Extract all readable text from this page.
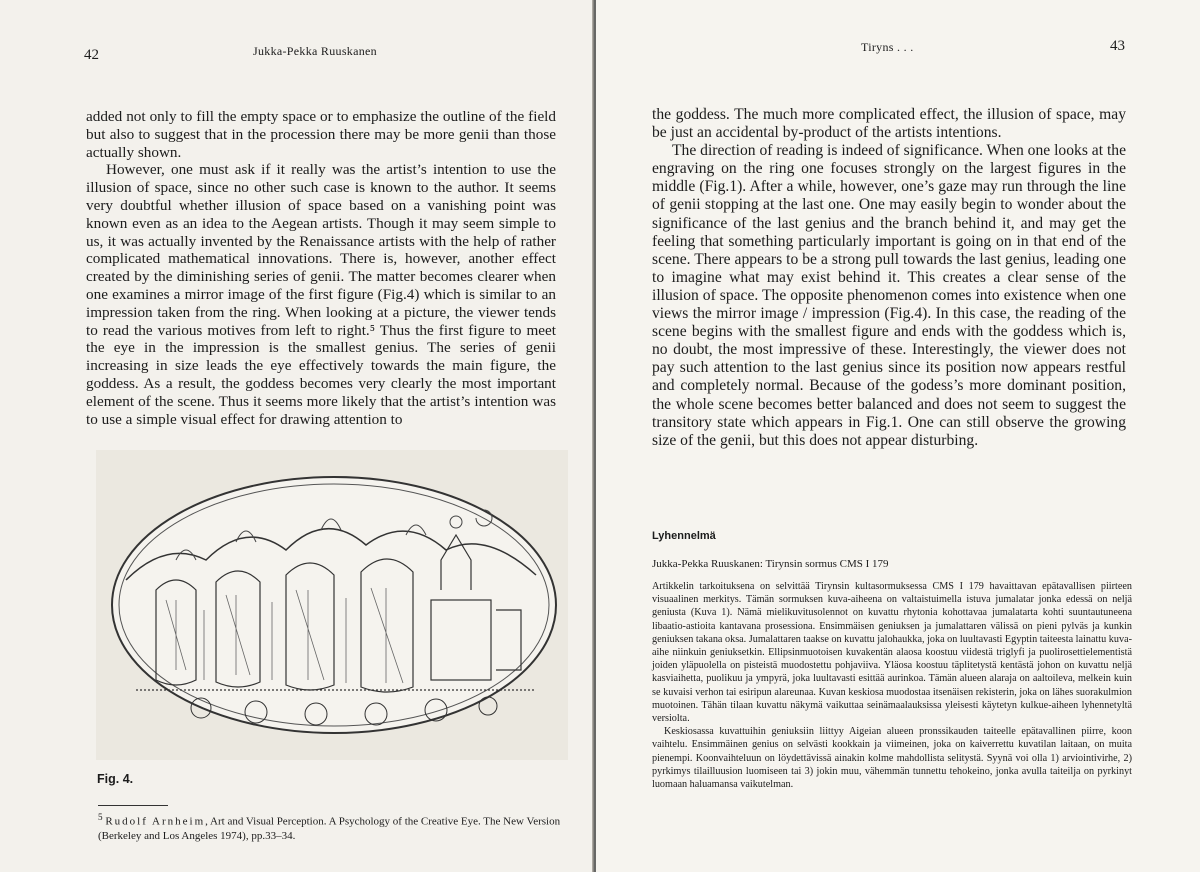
42	Jukka-Pekka Ruuskanen

added not only to fill the empty space or to emphasize the outline of the field but also to suggest that in the procession there may be more genii than those actually shown.

However, one must ask if it really was the artist’s intention to use the illusion of space, since no other such case is known to the author. It seems very doubtful whether illusion of space based on a vanishing point was known even as an idea to the Aegean artists. Though it may seem simple to us, it was actually invented by the Renaissance artists with the help of rather complicated mathematical innovations. There is, however, another effect created by the diminishing series of genii. The matter becomes clearer when one examines a mirror image of the first figure (Fig.4) which is similar to an impression taken from the ring. When looking at a picture, the viewer tends to read the various motives from left to right.⁵ Thus the first figure to meet the eye in the impression is the smallest genius. The series of genii increasing in size leads the eye effectively towards the main figure, the goddess. As a result, the goddess becomes very clearly the most important element of the scene. Thus it seems more likely that the artist’s intention was to use a simple visual effect for drawing attention to

Fig. 4.
$^5$ Rudolf Arnheim, Art and Visual Perception. A Psychology of the Creative Eye. The New Version (Berkeley and Los Angeles 1974), pp.33–34.
Tiryns . . .	43

the goddess. The much more complicated effect, the illusion of space, may be just an accidental by-product of the artists intentions.

The direction of reading is indeed of significance. When one looks at the engraving on the ring one focuses strongly on the largest figures in the middle (Fig.1). After a while, however, one’s gaze may run through the line of genii stopping at the last one. One may easily begin to wonder about the significance of the last genius and the branch behind it, and may get the feeling that something particularly important is going on in that end of the scene. There appears to be a strong pull towards the last genius, leading one to imagine what may exist behind it. This creates a clear sense of the illusion of space. The opposite phenomenon comes into existence when one views the mirror image / impression (Fig.4). In this case, the reading of the scene begins with the smallest figure and ends with the goddess which is, no doubt, the most impressive of these. Interestingly, the viewer does not pay such attention to the last genius since its position now appears restful and completely normal. Because of the godess’s more dominant position, the whole scene becomes better balanced and does not seem to suggest the transitory state which appears in Fig.1. One can still observe the growing size of the genii, but this does not appear disturbing.

Lyhennelmä
Jukka-Pekka Ruuskanen: Tirynsin sormus CMS I 179

Artikkelin tarkoituksena on selvittää Tirynsin kultasormuksessa CMS I 179 havaittavan epätavallisen piirteen visuaalinen merkitys. Tämän sormuksen kuva-aiheena on valtaistuimella istuva jumalatar jonka edessä on neljä geniusta (Kuva 1). Nämä mielikuvitusolennot on kuvattu rhytonia kohottavaa jumalatarta kohti suuntautuneena libaatio-astioita kantavana prosessiona. Ensimmäisen geniuksen ja jumalattaren välissä on pieni pylväs ja kunkin geniuksen takana oksa. Jumalattaren taakse on kuvattu jalohaukka, joka on luultavasti Egyptin taiteesta lainattu kuva-aihe niinkuin geniuksetkin. Ellipsinmuotoisen kuvakentän alaosa koostuu viidestä triglyfi ja puolirosettielementistä joiden yläpuolella on pisteistä muodostettu pohjaviiva. Yläosa koostuu täplitetystä kentästä johon on kuvattu neljä kasviaihetta, puolikuu ja ympyrä, joka luultavasti esittää aurinkoa. Tämän alueen alaraja on aaltoileva, melkein kuin se kuvaisi verhon tai esiripun alareunaa. Kuvan keskiosa muodostaa itsenäisen rekisterin, joka on lähes suorakulmion muotoinen. Tähän tilaan kuvattu näkymä vaikuttaa seinämaalauksissa yleisesti käytetyn kulkue-aiheen lyhennetyltä versiolta.

Keskiosassa kuvattuihin geniuksiin liittyy Aigeian alueen pronssikauden taiteelle epätavallinen piirre, koon vaihtelu. Ensimmäinen genius on selvästi kookkain ja viimeinen, joka on kaiverrettu kuvatilan laitaan, on muita pienempi. Koonvaihteluun on löydettävissä ainakin kolme mahdollista selitystä. Syynä voi olla 1) arviointivirhe, 2) pyrkimys tilailluusion luomiseen tai 3) jokin muu, vähemmän tunnettu tehokeino, jonka avulla taiteilja on pyrkinyt luomaan haluamansa vaikutelman.
